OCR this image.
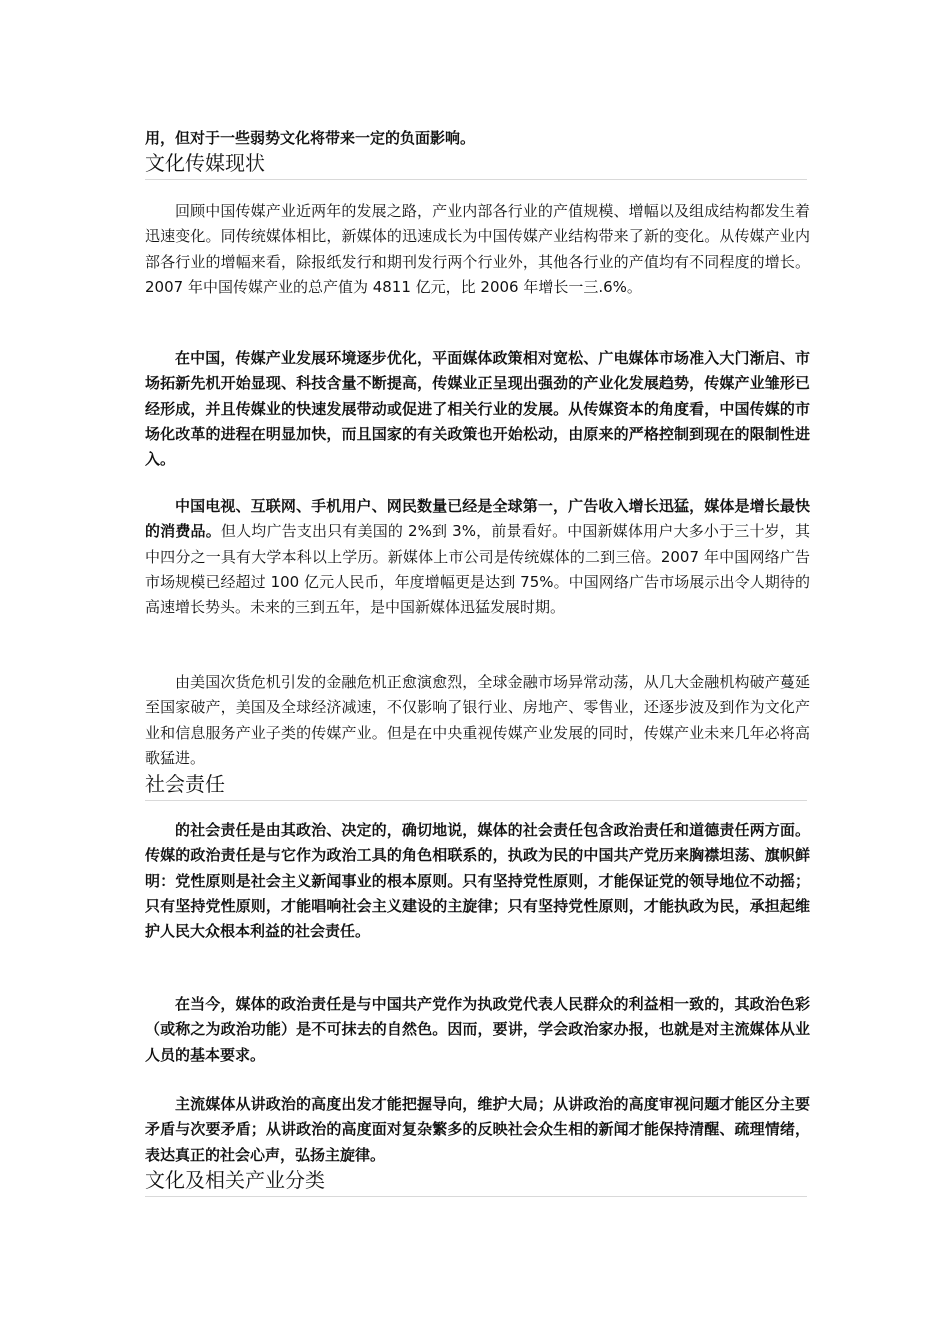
用，但对于一些弱势文化将带来一定的负面影响。
文化传媒现状

回顾中国传媒产业近两年的发展之路，产业内部各行业的产值规模、增幅以及组成结构都发生着迅速变化。同传统媒体相比，新媒体的迅速成长为中国传媒产业结构带来了新的变化。从传媒产业内部各行业的增幅来看，除报纸发行和期刊发行两个行业外，其他各行业的产值均有不同程度的增长。2007 年中国传媒产业的总产值为 4811 亿元，比 2006 年增长一三.6%。

在中国，传媒产业发展环境逐步优化，平面媒体政策相对宽松、广电媒体市场准入大门渐启、市场拓新先机开始显现、科技含量不断提高，传媒业正呈现出强劲的产业化发展趋势，传媒产业雏形已经形成，并且传媒业的快速发展带动或促进了相关行业的发展。从传媒资本的角度看，中国传媒的市场化改革的进程在明显加快，而且国家的有关政策也开始松动，由原来的严格控制到现在的限制性进入。

中国电视、互联网、手机用户、网民数量已经是全球第一，广告收入增长迅猛，媒体是增长最快的消费品。但人均广告支出只有美国的 2%到 3%，前景看好。中国新媒体用户大多小于三十岁，其中四分之一具有大学本科以上学历。新媒体上市公司是传统媒体的二到三倍。2007 年中国网络广告市场规模已经超过 100 亿元人民币，年度增幅更是达到 75%。中国网络广告市场展示出令人期待的高速增长势头。未来的三到五年，是中国新媒体迅猛发展时期。

由美国次货危机引发的金融危机正愈演愈烈，全球金融市场异常动荡，从几大金融机构破产蔓延至国家破产，美国及全球经济减速，不仅影响了银行业、房地产、零售业，还逐步波及到作为文化产业和信息服务产业子类的传媒产业。但是在中央重视传媒产业发展的同时，传媒产业未来几年必将高歌猛进。

社会责任

的社会责任是由其政治、决定的，确切地说，媒体的社会责任包含政治责任和道德责任两方面。传媒的政治责任是与它作为政治工具的角色相联系的，执政为民的中国共产党历来胸襟坦荡、旗帜鲜明：党性原则是社会主义新闻事业的根本原则。只有坚持党性原则，才能保证党的领导地位不动摇；只有坚持党性原则，才能唱响社会主义建设的主旋律；只有坚持党性原则，才能执政为民，承担起维护人民大众根本利益的社会责任。

在当今，媒体的政治责任是与中国共产党作为执政党代表人民群众的利益相一致的，其政治色彩（或称之为政治功能）是不可抹去的自然色。因而，要讲，学会政治家办报，也就是对主流媒体从业人员的基本要求。

主流媒体从讲政治的高度出发才能把握导向，维护大局；从讲政治的高度审视问题才能区分主要矛盾与次要矛盾；从讲政治的高度面对复杂繁多的反映社会众生相的新闻才能保持清醒、疏理情绪，表达真正的社会心声，弘扬主旋律。

文化及相关产业分类
